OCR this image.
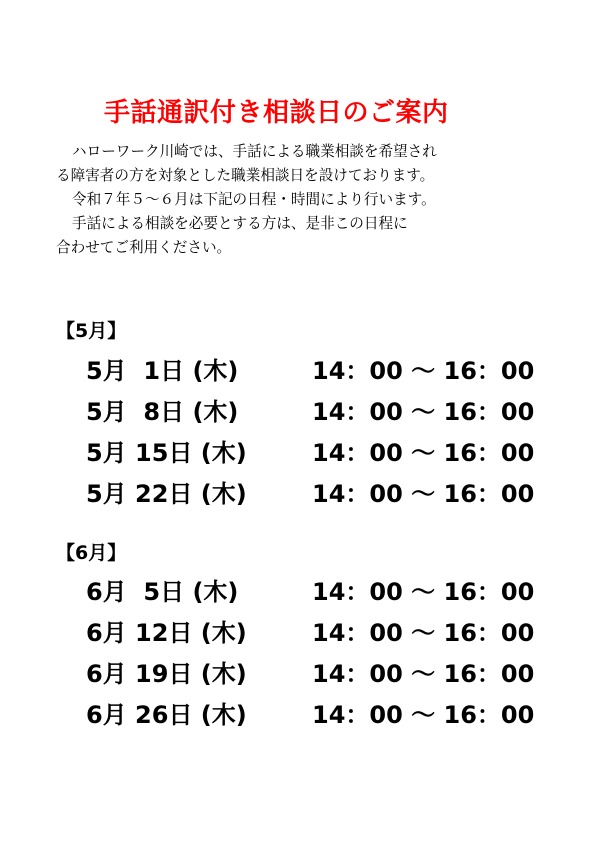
手話通訳付き相談日のご案内
ハローワーク川崎では、手話による職業相談を希望され
る障害者の方を対象とした職業相談日を設けております。
令和７年５～６月は下記の日程・時間により行います。
手話による相談を必要とする方は、是非この日程に
合わせてご利用ください。
【5月】
5月  1日 (木)	14：00 ～ 16：00
5月  8日 (木)	14：00 ～ 16：00
5月 15日 (木)	14：00 ～ 16：00
5月 22日 (木)	14：00 ～ 16：00
【6月】
6月  5日 (木)	14：00 ～ 16：00
6月 12日 (木)	14：00 ～ 16：00
6月 19日 (木)	14：00 ～ 16：00
6月 26日 (木)	14：00 ～ 16：00
